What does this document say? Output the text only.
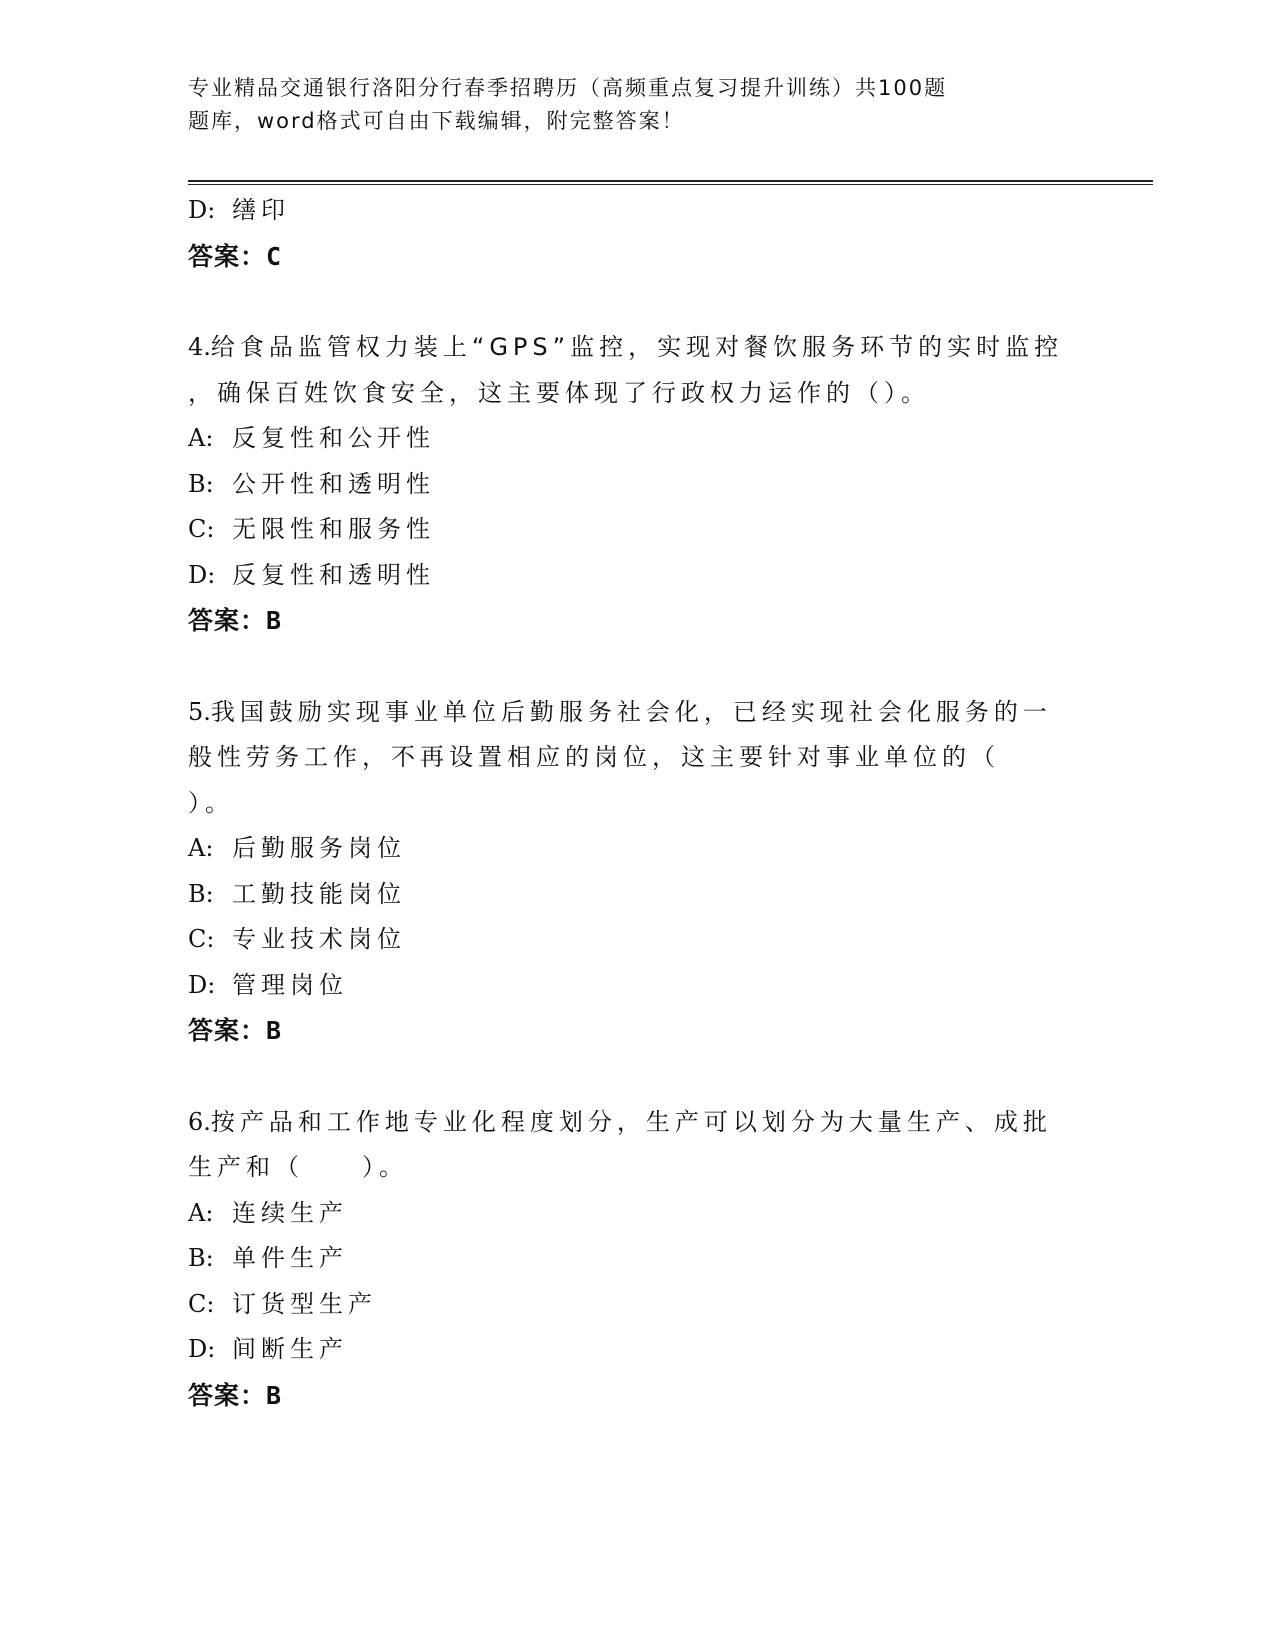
专业精品交通银行洛阳分行春季招聘历（高频重点复习提升训练）共100题
题库，word格式可自由下载编辑，附完整答案！
D: 缮印
答案：C
4.给食品监管权力装上“GPS”监控，实现对餐饮服务环节的实时监控
，确保百姓饮食安全，这主要体现了行政权力运作的（）。
A: 反复性和公开性
B: 公开性和透明性
C: 无限性和服务性
D: 反复性和透明性
答案：B
5.我国鼓励实现事业单位后勤服务社会化，已经实现社会化服务的一
般性劳务工作，不再设置相应的岗位，这主要针对事业单位的（
）。
A: 后勤服务岗位
B: 工勤技能岗位
C: 专业技术岗位
D: 管理岗位
答案：B
6.按产品和工作地专业化程度划分，生产可以划分为大量生产、成批
生产和（　　）。
A: 连续生产
B: 单件生产
C: 订货型生产
D: 间断生产
答案：B
